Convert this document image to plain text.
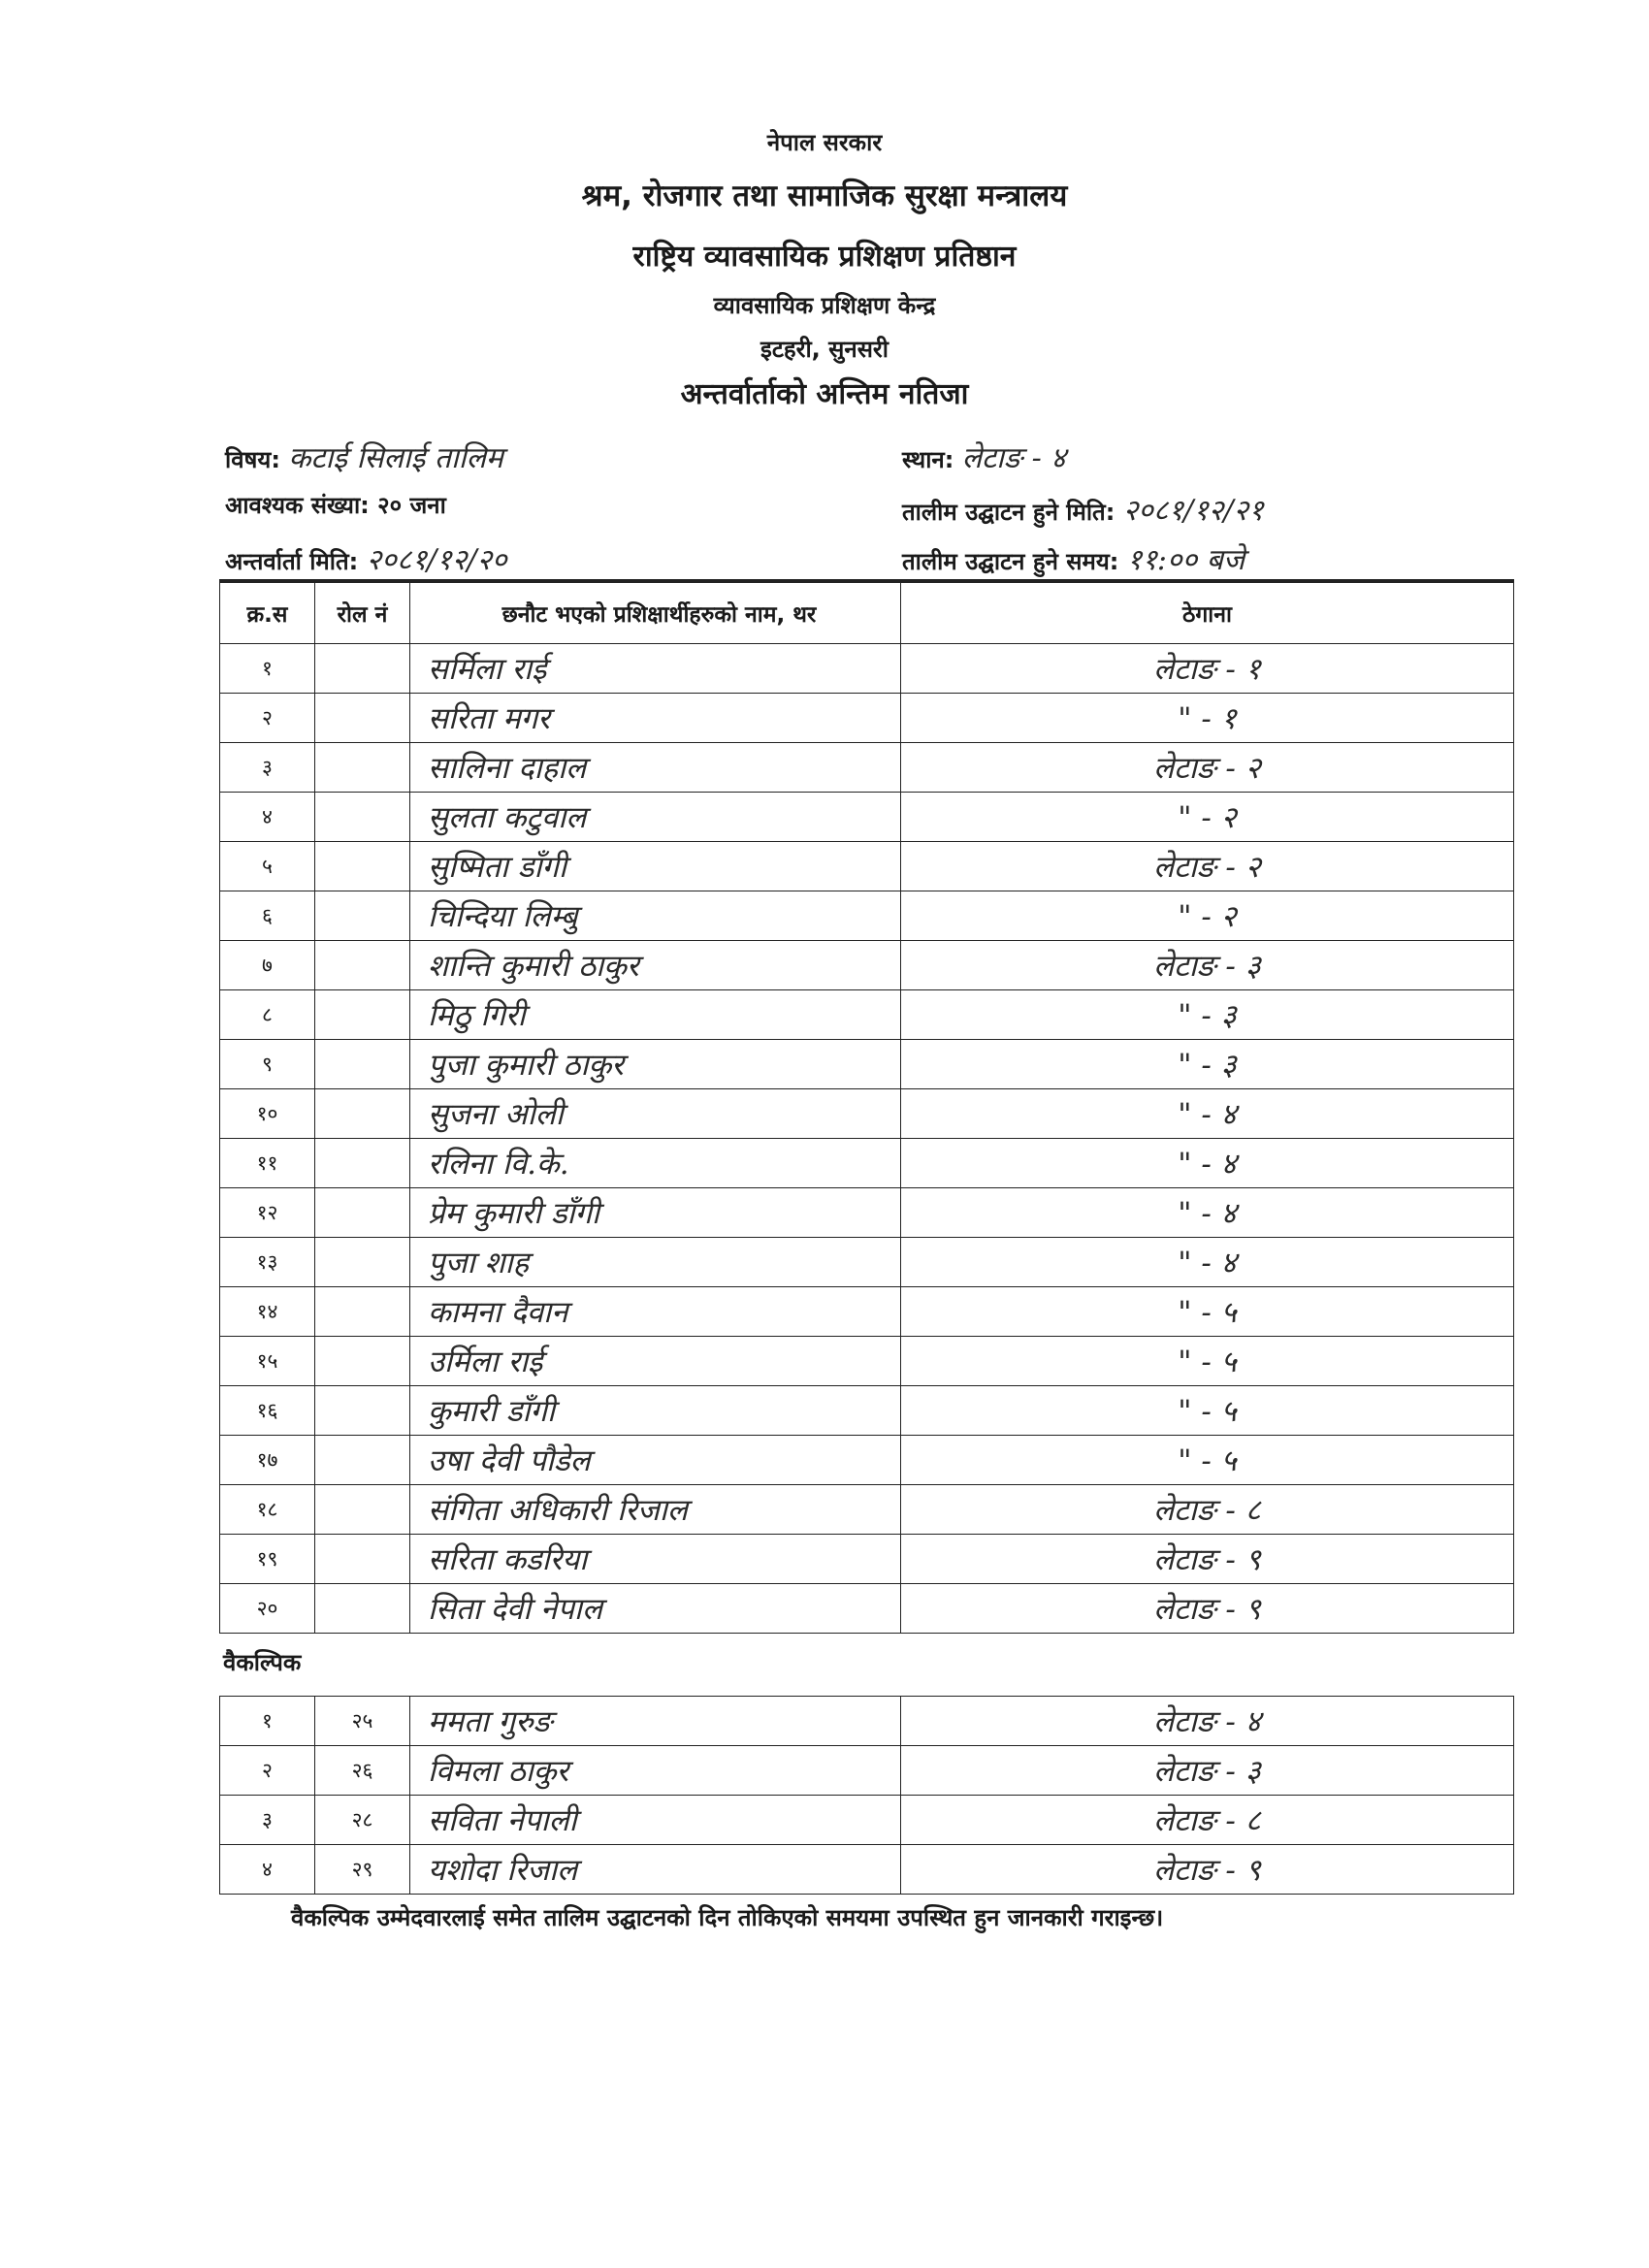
नेपाल सरकार
श्रम, रोजगार तथा सामाजिक सुरक्षा मन्त्रालय
राष्ट्रिय व्यावसायिक प्रशिक्षण प्रतिष्ठान
व्यावसायिक प्रशिक्षण केन्द्र
इटहरी, सुनसरी
अन्तर्वार्ताको अन्तिम नतिजा
विषय: कटाई सिलाई तालिम
आवश्यक संख्या: २० जना
अन्तर्वार्ता मिति: २०८१/१२/२०
स्थान: लेटाङ - ४
तालीम उद्घाटन हुने मिति: २०८१/१२/२१
तालीम उद्घाटन हुने समय: ११:०० बजे
क्र.स	रोल नं	छनौट भएको प्रशिक्षार्थीहरुको नाम, थर	ठेगाना
१		सर्मिला राई	लेटाङ - १
२		सरिता मगर	" - १
३		सालिना दाहाल	लेटाङ - २
४		सुलता कटुवाल	" - २
५		सुष्मिता डाँगी	लेटाङ - २
६		चिन्दिया लिम्बु	" - २
७		शान्ति कुमारी ठाकुर	लेटाङ - ३
८		मिठु गिरी	" - ३
९		पुजा कुमारी ठाकुर	" - ३
१०		सुजना ओली	" - ४
११		रलिना वि.के.	" - ४
१२		प्रेम कुमारी डाँगी	" - ४
१३		पुजा शाह	" - ४
१४		कामना दैवान	" - ५
१५		उर्मिला राई	" - ५
१६		कुमारी डाँगी	" - ५
१७		उषा देवी पौडेल	" - ५
१८		संगिता अधिकारी रिजाल	लेटाङ - ८
१९		सरिता कडरिया	लेटाङ - ९
२०		सिता देवी नेपाल	लेटाङ - ९
वैकल्पिक
१	२५	ममता गुरुङ	लेटाङ - ४
२	२६	विमला ठाकुर	लेटाङ - ३
३	२८	सविता नेपाली	लेटाङ - ८
४	२९	यशोदा रिजाल	लेटाङ - ९
वैकल्पिक उम्मेदवारलाई समेत तालिम उद्घाटनको दिन तोकिएको समयमा उपस्थित हुन जानकारी गराइन्छ।
